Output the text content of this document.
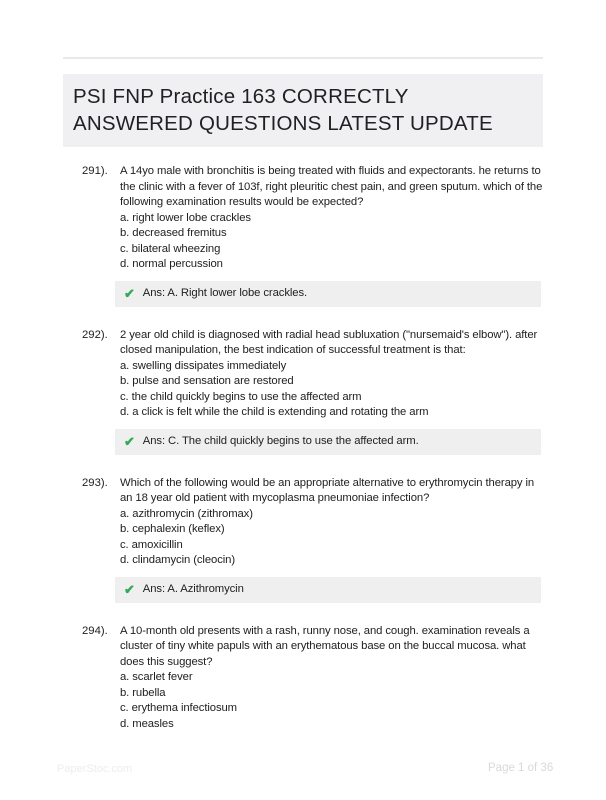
PSI FNP Practice 163 CORRECTLY ANSWERED QUESTIONS LATEST UPDATE
291).	A 14yo male with bronchitis is being treated with fluids and expectorants. he returns to the clinic with a fever of 103f, right pleuritic chest pain, and green sputum. which of the following examination results would be expected?
a. right lower lobe crackles
b. decreased fremitus
c. bilateral wheezing
d. normal percussion
✔ Ans: A. Right lower lobe crackles.
292).	2 year old child is diagnosed with radial head subluxation ("nursemaid's elbow"). after closed manipulation, the best indication of successful treatment is that:
a. swelling dissipates immediately
b. pulse and sensation are restored
c. the child quickly begins to use the affected arm
d. a click is felt while the child is extending and rotating the arm
✔ Ans: C. The child quickly begins to use the affected arm.
293).	Which of the following would be an appropriate alternative to erythromycin therapy in an 18 year old patient with mycoplasma pneumoniae infection?
a. azithromycin (zithromax)
b. cephalexin (keflex)
c. amoxicillin
d. clindamycin (cleocin)
✔ Ans: A. Azithromycin
294).	A 10-month old presents with a rash, runny nose, and cough. examination reveals a cluster of tiny white papuls with an erythematous base on the buccal mucosa. what does this suggest?
a. scarlet fever
b. rubella
c. erythema infectiosum
d. measles
PaperStoc.com	Page 1 of 36
